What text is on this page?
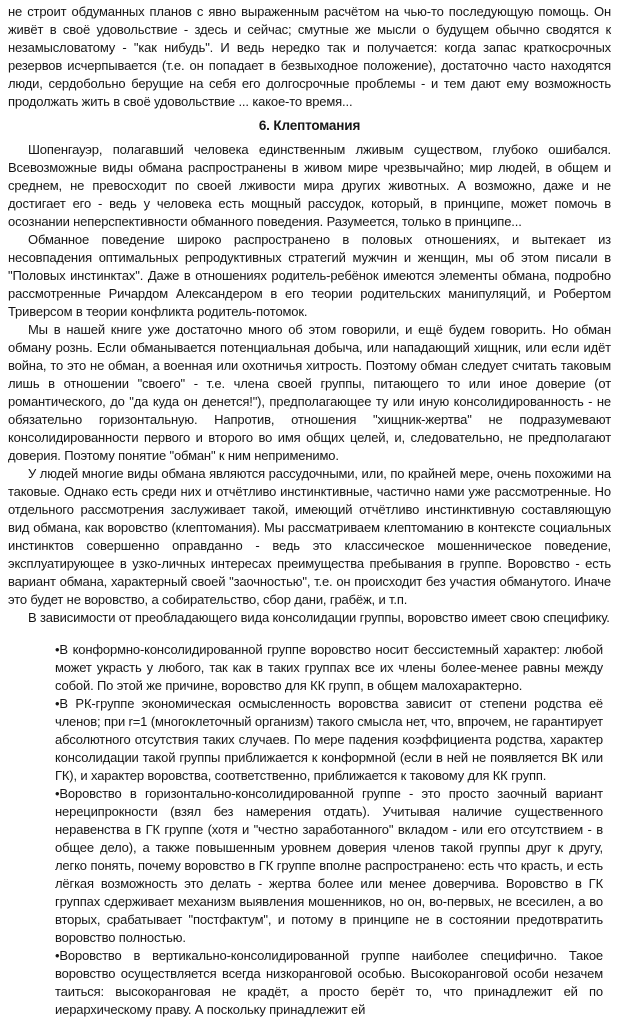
не строит обдуманных планов с явно выраженным расчётом на чью-то последующую помощь. Он живёт в своё удовольствие - здесь и сейчас; смутные же мысли о будущем обычно сводятся к незамысловатому - "как нибудь". И ведь нередко так и получается: когда запас краткосрочных резервов исчерпывается (т.е. он попадает в безвыходное положение), достаточно часто находятся люди, сердобольно берущие на себя его долгосрочные проблемы - и тем дают ему возможность продолжать жить в своё удовольствие ... какое-то время...

6. Клептомания

Шопенгауэр, полагавший человека единственным лживым существом, глубоко ошибался. Всевозможные виды обмана распространены в живом мире чрезвычайно; мир людей, в общем и среднем, не превосходит по своей лживости мира других животных. А возможно, даже и не достигает его - ведь у человека есть мощный рассудок, который, в принципе, может помочь в осознании неперспективности обманного поведения. Разумеется, только в принципе...

Обманное поведение широко распространено в половых отношениях, и вытекает из несовпадения оптимальных репродуктивных стратегий мужчин и женщин, мы об этом писали в "Половых инстинктах". Даже в отношениях родитель-ребёнок имеются элементы обмана, подробно рассмотренные Ричардом Александером в его теории родительских манипуляций, и Робертом Триверсом в теории конфликта родитель-потомок.

Мы в нашей книге уже достаточно много об этом говорили, и ещё будем говорить. Но обман обману рознь. Если обманывается потенциальная добыча, или нападающий хищник, или если идёт война, то это не обман, а военная или охотничья хитрость. Поэтому обман следует считать таковым лишь в отношении "своего" - т.е. члена своей группы, питающего то или иное доверие (от романтического, до "да куда он денется!"), предполагающее ту или иную консолидированность - не обязательно горизонтальную. Напротив, отношения "хищник-жертва" не подразумевают консолидированности первого и второго во имя общих целей, и, следовательно, не предполагают доверия. Поэтому понятие "обман" к ним неприменимо.

У людей многие виды обмана являются рассудочными, или, по крайней мере, очень похожими на таковые. Однако есть среди них и отчётливо инстинктивные, частично нами уже рассмотренные. Но отдельного рассмотрения заслуживает такой, имеющий отчётливо инстинктивную составляющую вид обмана, как воровство (клептомания). Мы рассматриваем клептоманию в контексте социальных инстинктов совершенно оправданно - ведь это классическое мошенническое поведение, эксплуатирующее в узко-личных интересах преимущества пребывания в группе. Воровство - есть вариант обмана, характерный своей "заочностью", т.е. он происходит без участия обманутого. Иначе это будет не воровство, а собирательство, сбор дани, грабёж, и т.п.

В зависимости от преобладающего вида консолидации группы, воровство имеет свою специфику.

•В конформно-консолидированной группе воровство носит бессистемный характер: любой может украсть у любого, так как в таких группах все их члены более-менее равны между собой. По этой же причине, воровство для КК групп, в общем малохарактерно.

•В РК-группе экономическая осмысленность воровства зависит от степени родства её членов; при r=1 (многоклеточный организм) такого смысла нет, что, впрочем, не гарантирует абсолютного отсутствия таких случаев. По мере падения коэффициента родства, характер консолидации такой группы приближается к конформной (если в ней не появляется ВК или ГК), и характер воровства, соответственно, приближается к таковому для КК групп.

•Воровство в горизонтально-консолидированной группе - это просто заочный вариант нереципрокности (взял без намерения отдать). Учитывая наличие существенного неравенства в ГК группе (хотя и "честно заработанного" вкладом - или его отсутствием - в общее дело), а также повышенным уровнем доверия членов такой группы друг к другу, легко понять, почему воровство в ГК группе вполне распространено: есть что красть, и есть лёгкая возможность это делать - жертва более или менее доверчива. Воровство в ГК группах сдерживает механизм выявления мошенников, но он, во-первых, не всесилен, а во вторых, срабатывает "постфактум", и потому в принципе не в состоянии предотвратить воровство полностью.

•Воровство в вертикально-консолидированной группе наиболее специфично. Такое воровство осуществляется всегда низкоранговой особью. Высокоранговой особи незачем таиться: высокоранговая не крадёт, а просто берёт то, что принадлежит ей по иерархическому праву. А поскольку принадлежит ей
